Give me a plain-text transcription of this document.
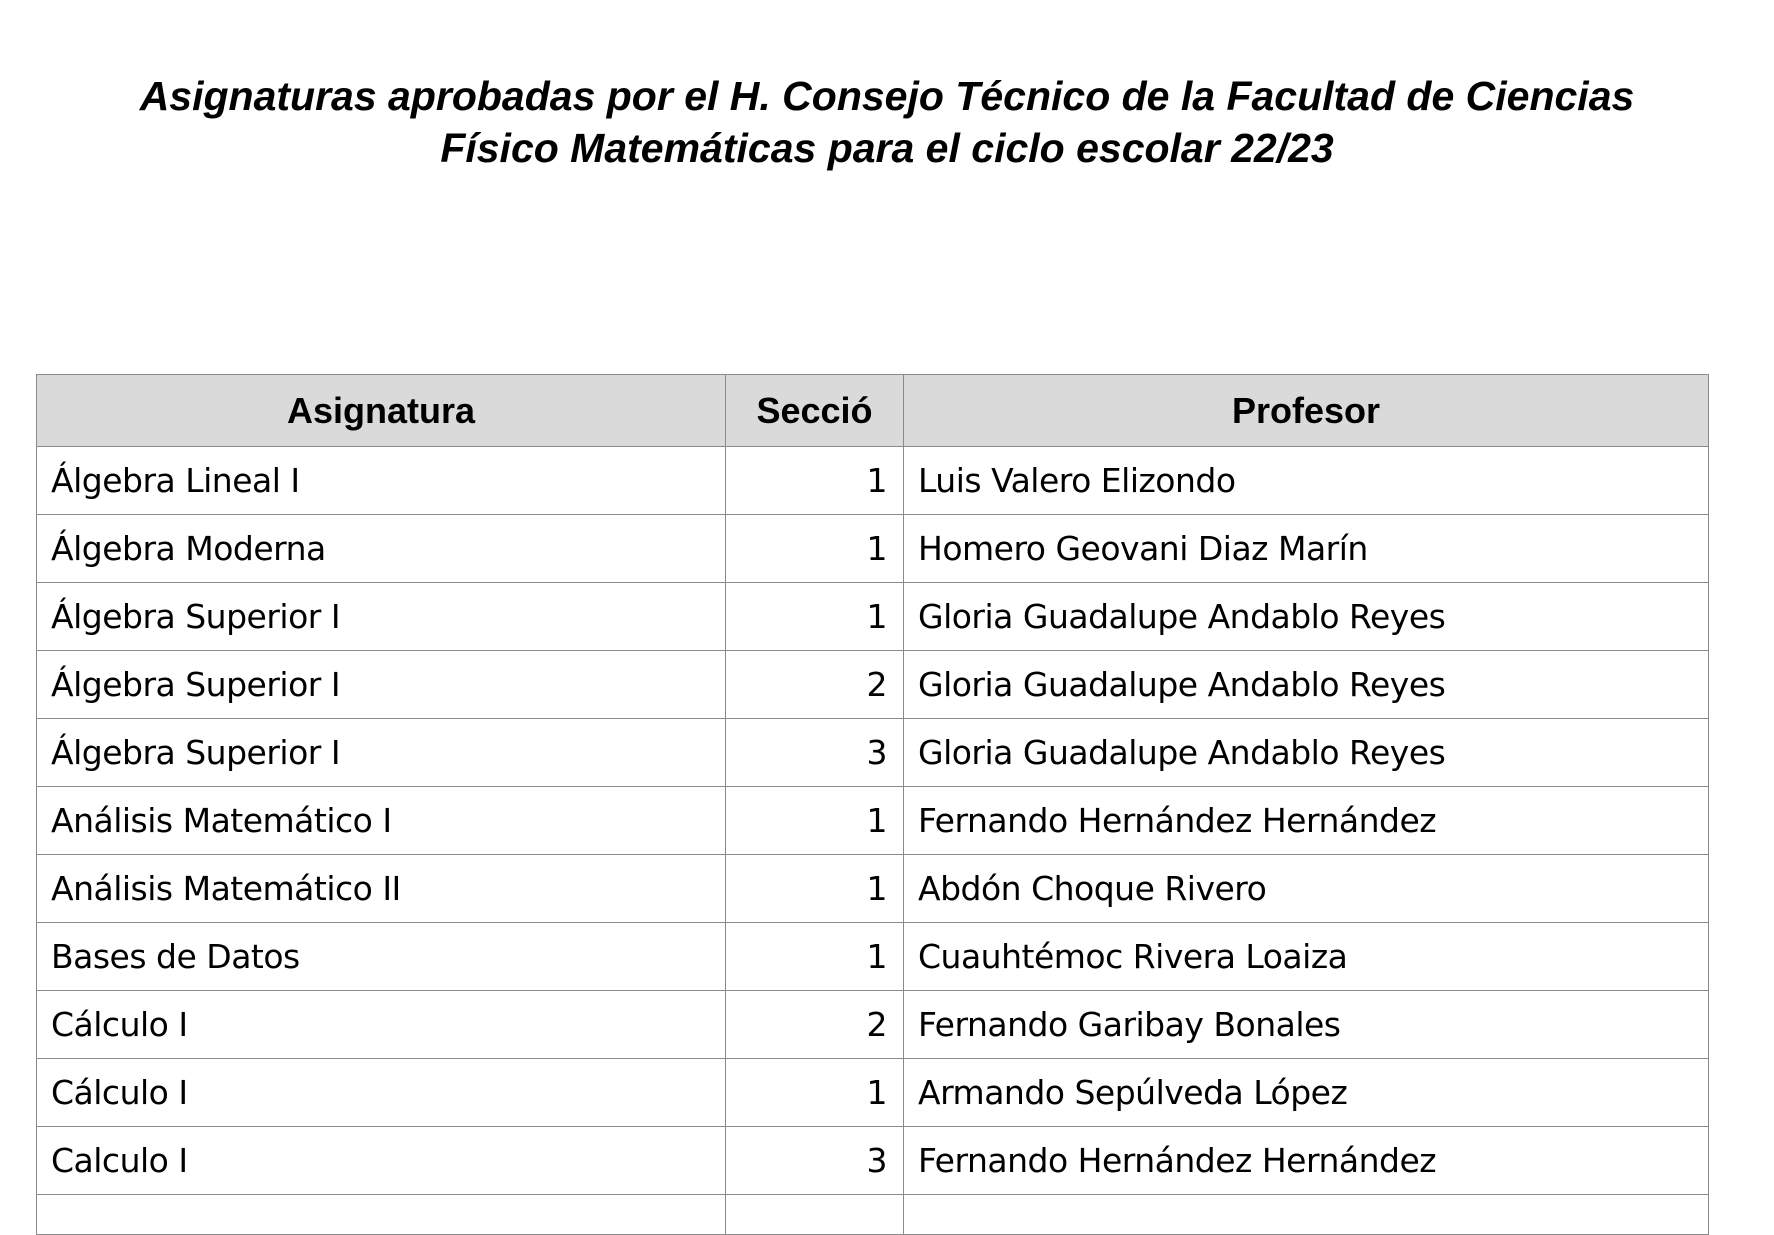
Asignaturas aprobadas por el H. Consejo Técnico de la Facultad de Ciencias
Físico Matemáticas para el ciclo escolar 22/23
Asignatura	Secció	Profesor
Álgebra Lineal I	1	Luis Valero Elizondo
Álgebra Moderna	1	Homero Geovani Diaz Marín
Álgebra Superior I	1	Gloria Guadalupe Andablo Reyes
Álgebra Superior I	2	Gloria Guadalupe Andablo Reyes
Álgebra Superior I	3	Gloria Guadalupe Andablo Reyes
Análisis Matemático I	1	Fernando Hernández Hernández
Análisis Matemático II	1	Abdón Choque Rivero
Bases de Datos	1	Cuauhtémoc Rivera Loaiza
Cálculo I	2	Fernando Garibay Bonales
Cálculo I	1	Armando Sepúlveda López
Calculo I	3	Fernando Hernández Hernández
